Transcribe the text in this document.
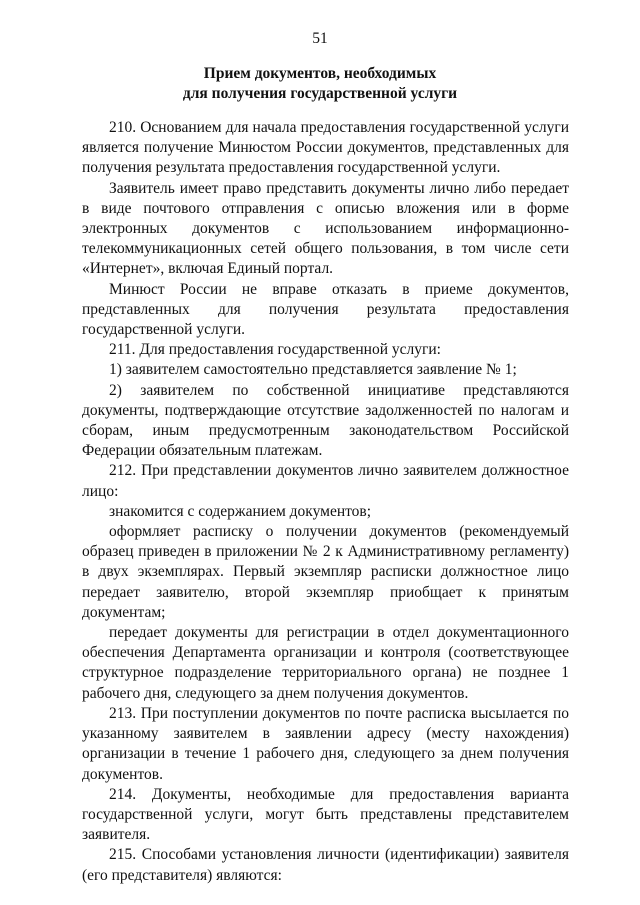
51
Прием документов, необходимых
для получения государственной услуги

210. Основанием для начала предоставления государственной услуги является получение Минюстом России документов, представленных для получения результата предоставления государственной услуги.

Заявитель имеет право представить документы лично либо передает в виде почтового отправления с описью вложения или в форме электронных документов с использованием информационно-телекоммуникационных сетей общего пользования, в том числе сети «Интернет», включая Единый портал.

Минюст России не вправе отказать в приеме документов, представленных для получения результата предоставления государственной услуги.

211. Для предоставления государственной услуги:

1) заявителем самостоятельно представляется заявление № 1;

2) заявителем по собственной инициативе представляются документы, подтверждающие отсутствие задолженностей по налогам и сборам, иным предусмотренным законодательством Российской Федерации обязательным платежам.

212. При представлении документов лично заявителем должностное лицо:

знакомится с содержанием документов;

оформляет расписку о получении документов (рекомендуемый образец приведен в приложении № 2 к Административному регламенту) в двух экземплярах. Первый экземпляр расписки должностное лицо передает заявителю, второй экземпляр приобщает к принятым документам;

передает документы для регистрации в отдел документационного обеспечения Департамента организации и контроля (соответствующее структурное подразделение территориального органа) не позднее 1 рабочего дня, следующего за днем получения документов.

213. При поступлении документов по почте расписка высылается по указанному заявителем в заявлении адресу (месту нахождения) организации в течение 1 рабочего дня, следующего за днем получения документов.

214. Документы, необходимые для предоставления варианта государственной услуги, могут быть представлены представителем заявителя.

215. Способами установления личности (идентификации) заявителя (его представителя) являются:
